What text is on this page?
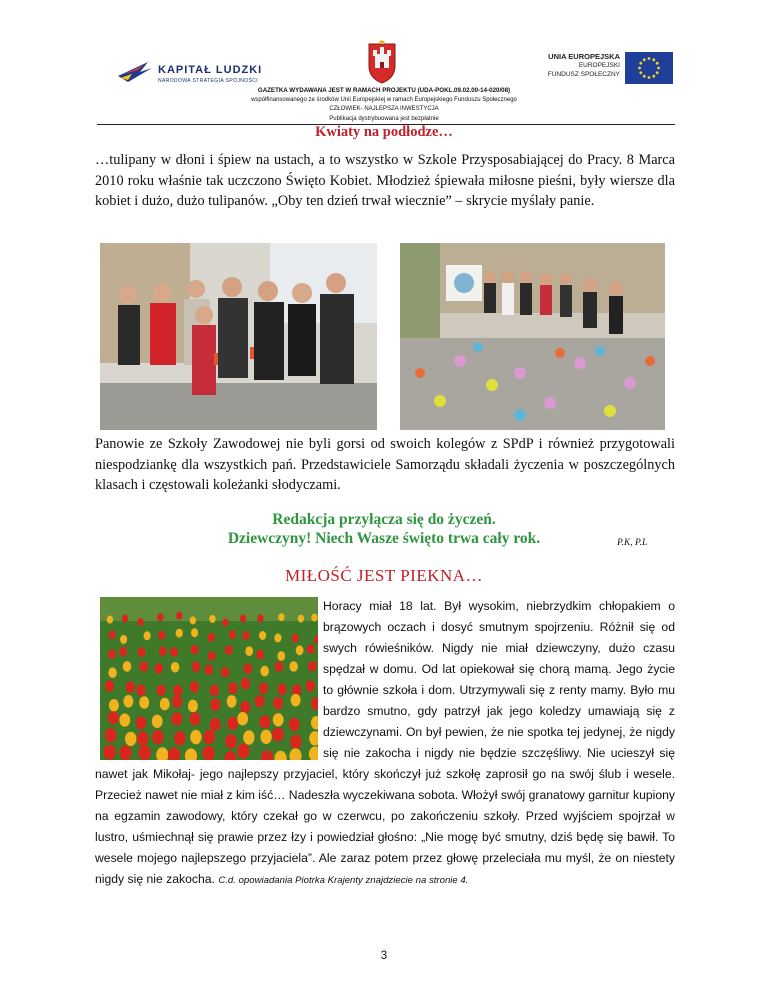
KAPITAŁ LUDZKI
NARODOWA STRATEGIA SPÓJNOŚCI
UNIA EUROPEJSKA
EUROPEJSKI
FUNDUSZ SPOŁECZNY
GAZETKA WYDAWANA JEST W RAMACH PROJEKTU (UDA-POKL.09.02.00-14-020/08)
współfinansowanego ze środków Unii Europejskiej w ramach Europejskiego Funduszu Społecznego
CZŁOWIEK- NAJLEPSZA INWESTYCJA
Publikacja dystrybuowana jest bezpłatnie
Kwiaty na podłodze…
…tulipany w dłoni i śpiew na ustach, a to wszystko w Szkole Przysposabiającej do Pracy. 8 Marca 2010 roku właśnie tak uczczono Święto Kobiet. Młodzież śpiewała miłosne pieśni, były wiersze dla kobiet i dużo, dużo tulipanów. „Oby ten dzień trwał wiecznie” – skrycie myślały panie.
Panowie ze Szkoły Zawodowej nie byli gorsi od swoich kolegów z SPdP i również przygotowali niespodziankę dla wszystkich pań. Przedstawiciele Samorządu składali życzenia w poszczególnych klasach i częstowali koleżanki słodyczami.
Redakcja przyłącza się do życzeń.
Dziewczyny! Niech Wasze święto trwa cały rok.	P.K, P.L
MIŁOŚĆ JEST PIEKNA…
Horacy miał 18 lat. Był wysokim, niebrzydkim chłopakiem o brązowych oczach i dosyć smutnym spojrzeniu. Różnił się od swych rówieśników. Nigdy nie miał dziewczyny, dużo czasu spędzał w domu. Od lat opiekował się chorą mamą. Jego życie to głównie szkoła i dom. Utrzymywali się z renty mamy. Było mu bardzo smutno, gdy patrzył jak jego koledzy umawiają się z dziewczynami. On był pewien, że nie spotka tej jedynej, że nigdy się nie zakocha i nigdy nie będzie szczęśliwy. Nie ucieszył się nawet jak Mikołaj- jego najlepszy przyjaciel, który skończył już szkołę zaprosił go na swój ślub i wesele. Przecież nawet nie miał z kim iść… Nadeszła wyczekiwana sobota. Włożył swój granatowy garnitur kupiony na egzamin zawodowy, który czekał go w czerwcu, po zakończeniu szkoły. Przed wyjściem spojrzał w lustro, uśmiechnął się prawie przez łzy i powiedział głośno: „Nie mogę być smutny, dziś będę się bawił. To wesele mojego najlepszego przyjaciela”. Ale zaraz potem przez głowę przeleciała mu myśl, że on niestety nigdy się nie zakocha. C.d. opowiadania Piotrka Krajenty znajdziecie na stronie 4.
3
